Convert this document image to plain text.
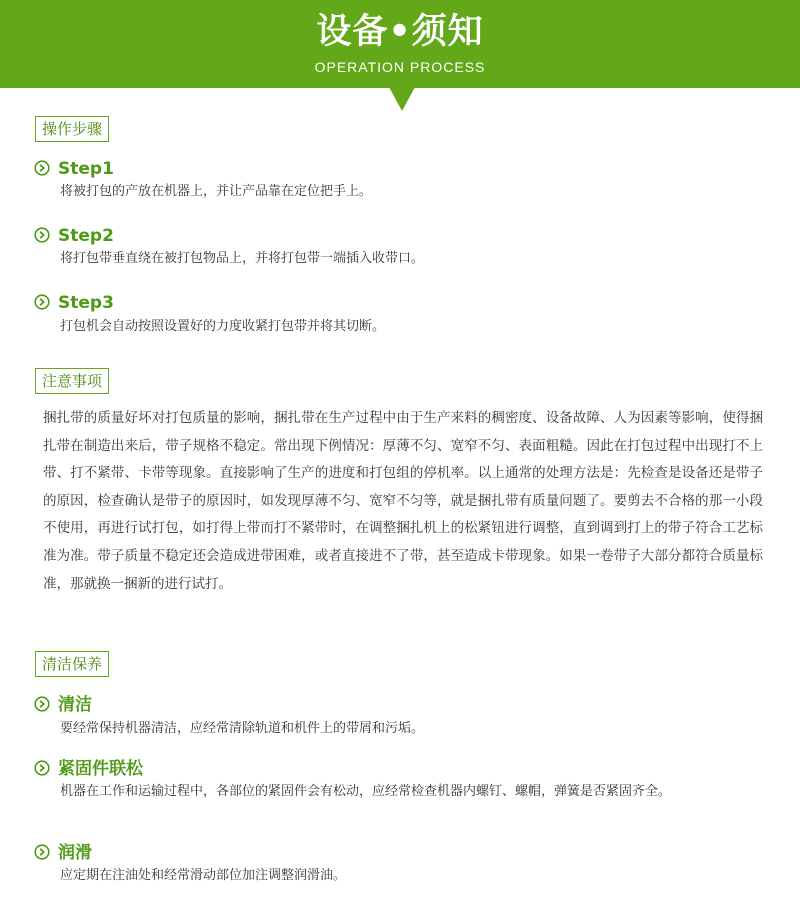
设备•须知
OPERATION PROCESS
操作步骤
Step1
将被打包的产放在机器上，并让产品靠在定位把手上。
Step2
将打包带垂直绕在被打包物品上，并将打包带一端插入收带口。
Step3
打包机会自动按照设置好的力度收紧打包带并将其切断。
注意事项
捆扎带的质量好坏对打包质量的影响，捆扎带在生产过程中由于生产来料的稠密度、设备故障、人为因素等影响，使得捆扎带在制造出来后，带子规格不稳定。常出现下例情况：厚薄不匀、宽窄不匀、表面粗糙。因此在打包过程中出现打不上带、打不紧带、卡带等现象。直接影响了生产的进度和打包组的停机率。以上通常的处理方法是：先检查是设备还是带子的原因，检查确认是带子的原因时，如发现厚薄不匀、宽窄不匀等，就是捆扎带有质量问题了。要剪去不合格的那一小段不使用，再进行试打包，如打得上带而打不紧带时，在调整捆扎机上的松紧钮进行调整，直到调到打上的带子符合工艺标准为准。带子质量不稳定还会造成进带困难，或者直接进不了带，甚至造成卡带现象。如果一卷带子大部分都符合质量标准，那就换一捆新的进行试打。
清洁保养
清洁
要经常保持机器清洁，应经常清除轨道和机件上的带屑和污垢。
紧固件联松
机器在工作和运输过程中，各部位的紧固件会有松动，应经常检查机器内螺钉、螺帽，弹簧是否紧固齐全。
润滑
应定期在注油处和经常滑动部位加注调整润滑油。
